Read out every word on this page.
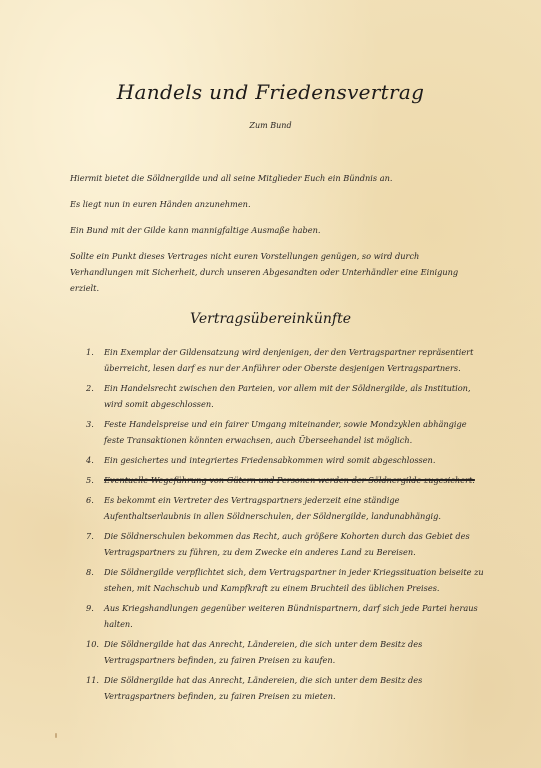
Handels und Friedensvertrag
Zum Bund
Hiermit bietet die Söldnergilde und all seine Mitglieder Euch ein Bündnis an.
Es liegt nun in euren Händen anzunehmen.
Ein Bund mit der Gilde kann mannigfaltige Ausmaße haben.
Sollte ein Punkt dieses Vertrages nicht euren Vorstellungen genügen, so wird durch Verhandlungen mit Sicherheit, durch unseren Abgesandten oder Unterhändler eine Einigung erzielt.
Vertragsübereinkünfte
1. Ein Exemplar der Gildensatzung wird denjenigen, der den Vertragspartner repräsentiert überreicht, lesen darf es nur der Anführer oder Oberste desjenigen Vertragspartners.
2. Ein Handelsrecht zwischen den Parteien, vor allem mit der Söldnergilde, als Institution, wird somit abgeschlossen.
3. Feste Handelspreise und ein fairer Umgang miteinander, sowie Mondzyklen abhängige feste Transaktionen könnten erwachsen, auch Überseehandel ist möglich.
4. Ein gesichertes und integriertes Friedensabkommen wird somit abgeschlossen.
5. Eventuelle Wegeführung von Gütern und Personen werden der Söldnergilde zugesichert.
6. Es bekommt ein Vertreter des Vertragspartners jederzeit eine ständige Aufenthaltserlaubnis in allen Söldnerschulen, der Söldnergilde, landunabhängig.
7. Die Söldnerschulen bekommen das Recht, auch größere Kohorten durch das Gebiet des Vertragspartners zu führen, zu dem Zwecke ein anderes Land zu Bereisen.
8. Die Söldnergilde verpflichtet sich, dem Vertragspartner in jeder Kriegssituation beiseite zu stehen, mit Nachschub und Kampfkraft zu einem Bruchteil des üblichen Preises.
9. Aus Kriegshandlungen gegenüber weiteren Bündnispartnern, darf sich jede Partei heraus halten.
10. Die Söldnergilde hat das Anrecht, Ländereien, die sich unter dem Besitz des Vertragspartners befinden, zu fairen Preisen zu kaufen.
11. Die Söldnergilde hat das Anrecht, Ländereien, die sich unter dem Besitz des Vertragspartners befinden, zu fairen Preisen zu mieten.
